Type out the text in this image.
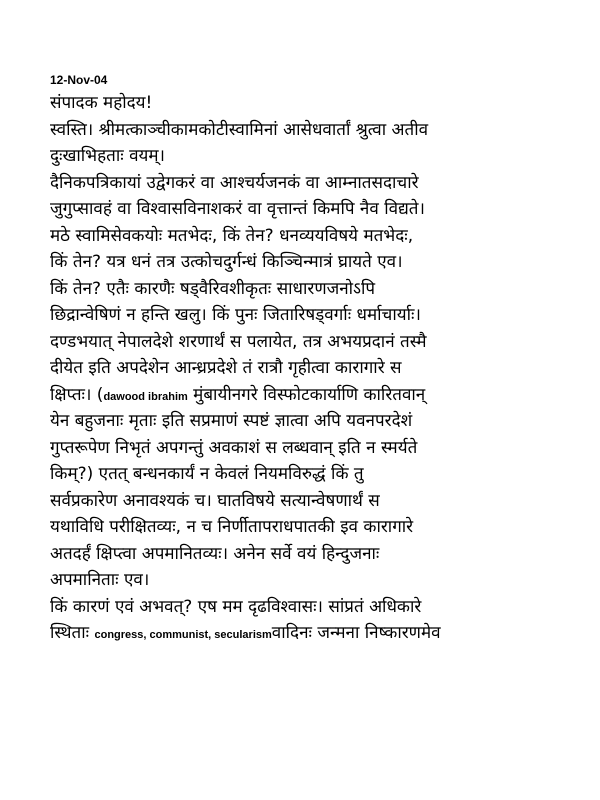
12-Nov-04
संपादक महोदय!
स्वस्ति। श्रीमत्काञ्चीकामकोटीस्वामिनां आसेधवार्तां श्रुत्वा अतीव
दुःखाभिहताः वयम्।
दैनिकपत्रिकायां उद्वेगकरं वा आश्चर्यजनकं वा आम्नातसदाचारे
जुगुप्सावहं वा विश्वासविनाशकरं वा वृत्तान्तं किमपि नैव विद्यते।
मठे स्वामिसेवकयोः मतभेदः, किं तेन? धनव्ययविषये मतभेदः,
किं तेन? यत्र धनं तत्र उत्कोचदुर्गन्धं किञ्चिन्मात्रं घ्रायते एव।
किं तेन? एतैः कारणैः षड्वैरिवशीकृतः साधारणजनोऽपि
छिद्रान्वेषिणं न हन्ति खलु। किं पुनः जितारिषड्वर्गाः धर्माचार्याः।
दण्डभयात् नेपालदेशे शरणार्थं स पलायेत, तत्र अभयप्रदानं तस्मै
दीयेत इति अपदेशेन आन्ध्रप्रदेशे तं रात्रौ गृहीत्वा कारागारे स
क्षिप्तः। (dawood ibrahim मुंबायीनगरे विस्फोटकार्याणि कारितवान्
येन बहुजनाः मृताः इति सप्रमाणं स्पष्टं ज्ञात्वा अपि यवनपरदेशं
गुप्तरूपेण निभृतं अपगन्तुं अवकाशं स लब्धवान् इति न स्मर्यते
किम्?) एतत् बन्धनकार्यं न केवलं नियमविरुद्धं किं तु
सर्वप्रकारेण अनावश्यकं च। घातविषये सत्यान्वेषणार्थं स
यथाविधि परीक्षितव्यः, न च निर्णीतापराधपातकी इव कारागारे
अतदर्हं क्षिप्त्वा अपमानितव्यः। अनेन सर्वे वयं हिन्दुजनाः
अपमानिताः एव।
किं कारणं एवं अभवत्? एष मम दृढविश्वासः। सांप्रतं अधिकारे
स्थिताः congress, communist, secularismवादिनः जन्मना निष्कारणमेव
